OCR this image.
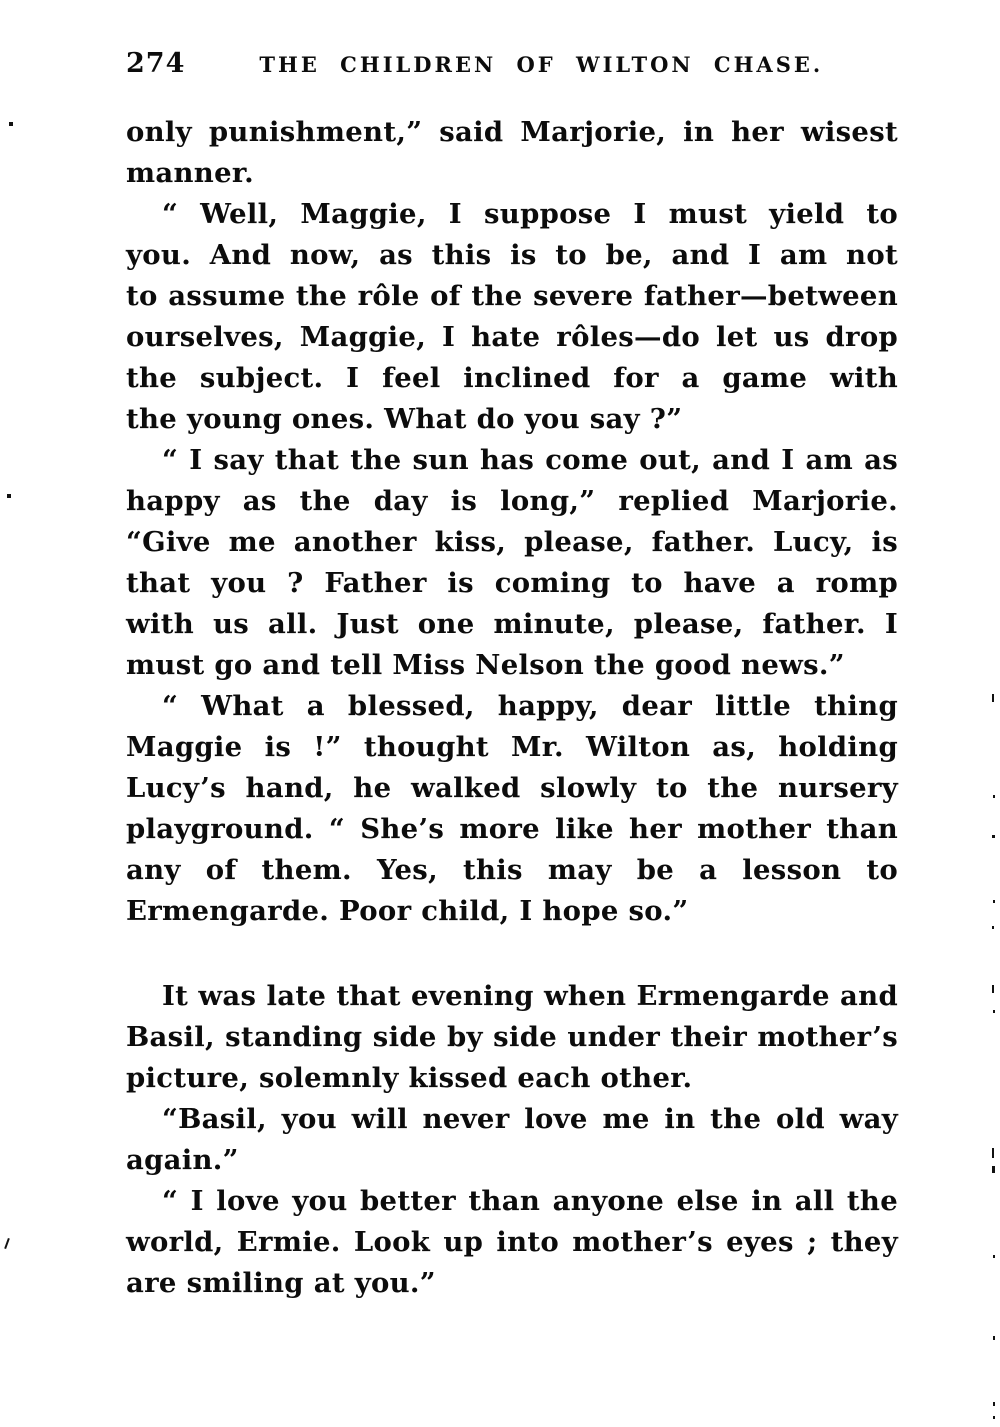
274	THE CHILDREN OF WILTON CHASE.
only punishment,” said Marjorie, in her wisest
manner.
“ Well, Maggie, I suppose I must yield to
you. And now, as this is to be, and I am not
to assume the rôle of the severe father—between
ourselves, Maggie, I hate rôles—do let us drop
the subject. I feel inclined for a game with
the young ones. What do you say ?”
“ I say that the sun has come out, and I am as
happy as the day is long,” replied Marjorie.
“Give me another kiss, please, father. Lucy, is
that you ? Father is coming to have a romp
with us all. Just one minute, please, father. I
must go and tell Miss Nelson the good news.”
“ What a blessed, happy, dear little thing
Maggie is !” thought Mr. Wilton as, holding
Lucy’s hand, he walked slowly to the nursery
playground. “ She’s more like her mother than
any of them. Yes, this may be a lesson to
Ermengarde. Poor child, I hope so.”
It was late that evening when Ermengarde and
Basil, standing side by side under their mother’s
picture, solemnly kissed each other.
“Basil, you will never love me in the old way
again.”
“ I love you better than anyone else in all the
world, Ermie. Look up into mother’s eyes ; they
are smiling at you.”
